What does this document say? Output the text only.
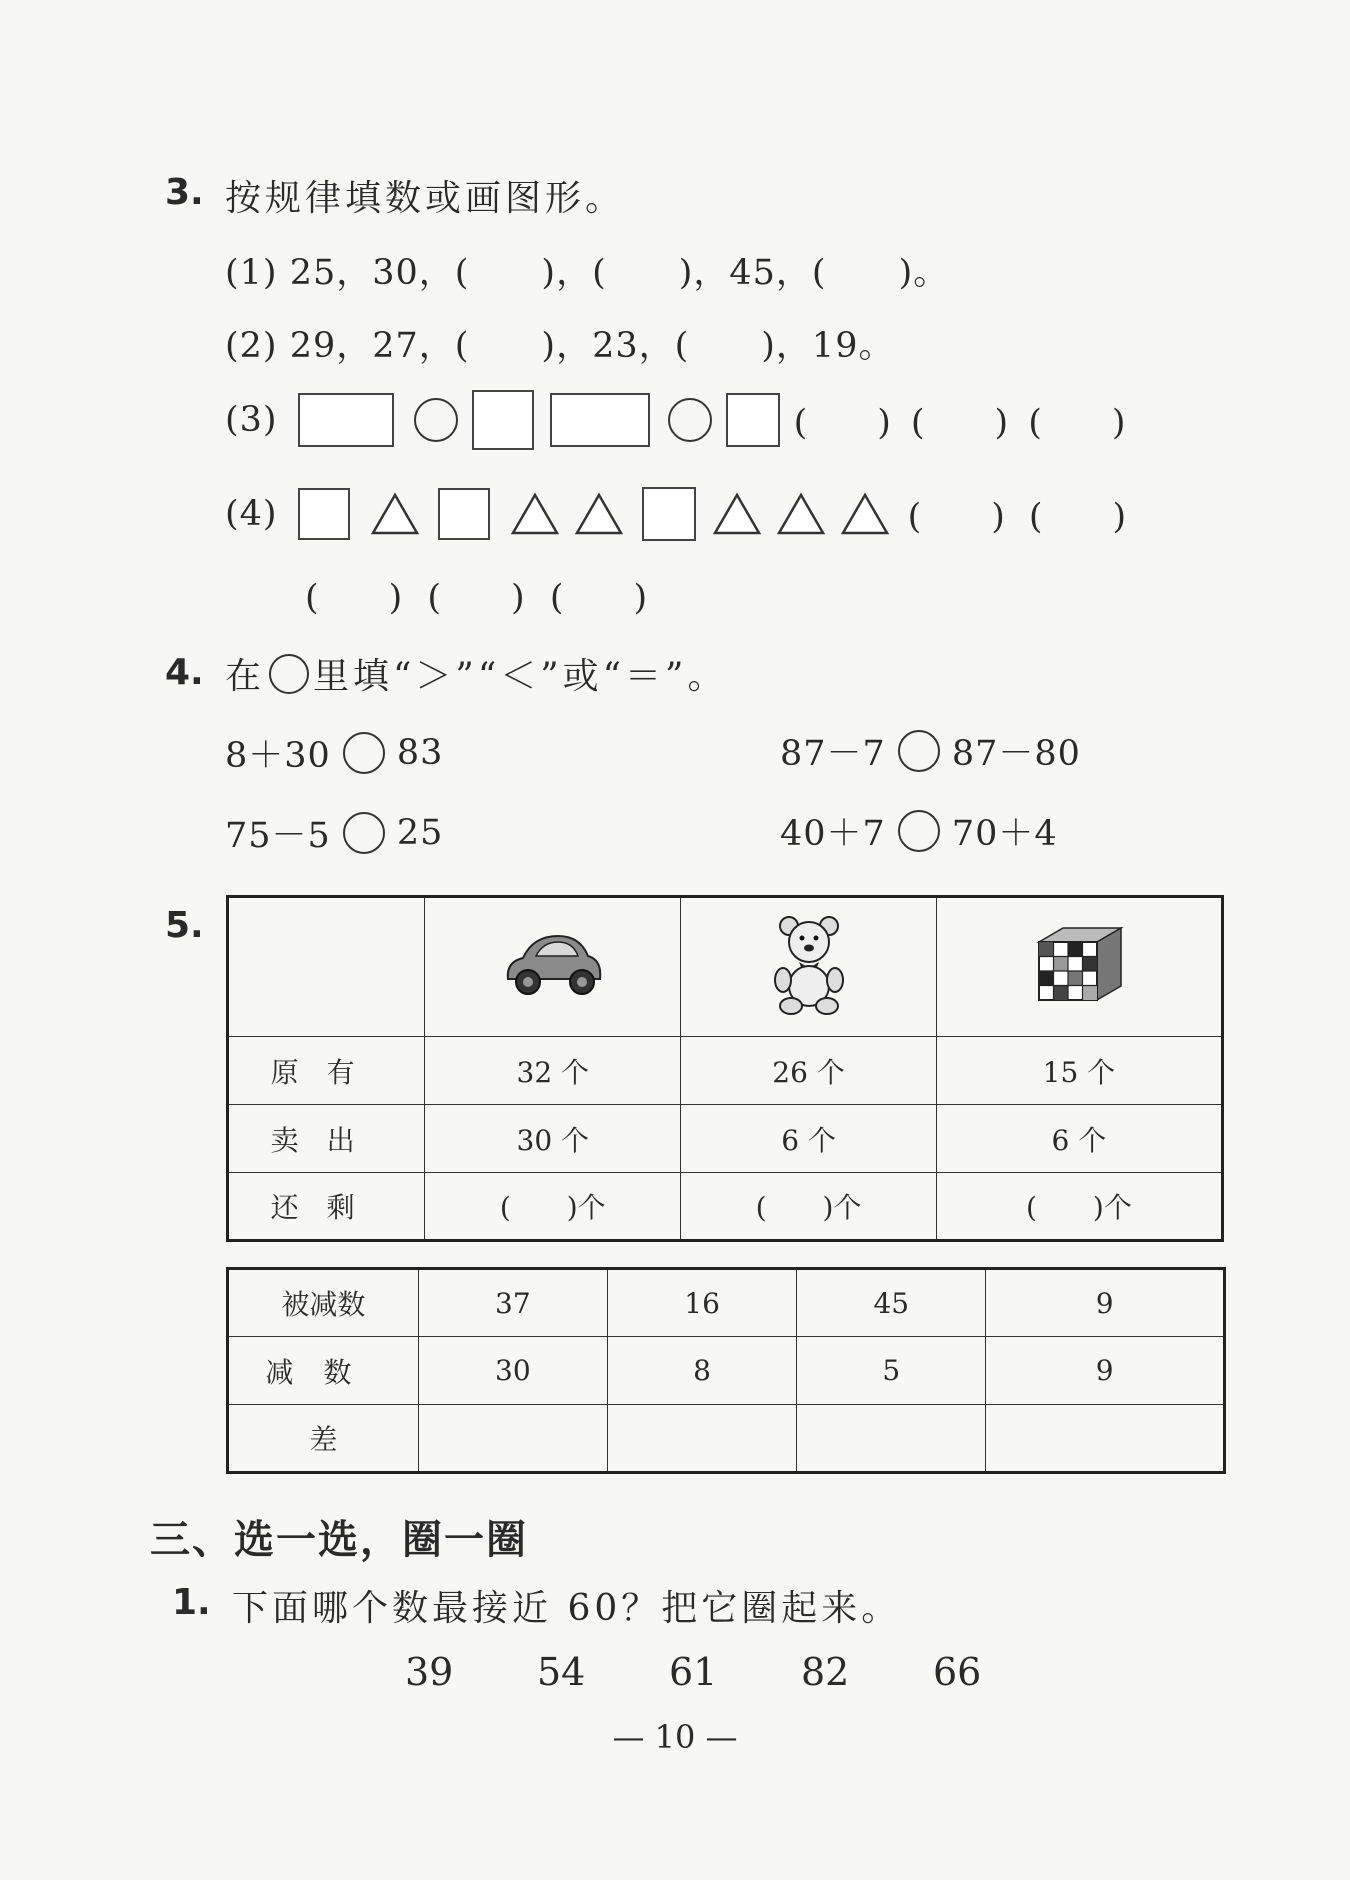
3. 按规律填数或画图形。
(1) 25，30，(　　)，(　　)，45，(　　)。
(2) 29，27，(　　)，23，(　　)，19。
(3)	(　　) (　　) (　　)
(4)	(　　) (　　)
(　　) (　　) (　　)
4. 在 里填“＞”“＜”或“＝”。
8＋30 83	87－7 87－80
75－5 25	40＋7 70＋4
5.

原有	32 个	26 个	15 个
卖出	30 个	6 个	6 个
还剩	(　　)个	(　　)个	(　　)个
被减数	37	16	45	9
减数	30	8	5	9
差				
三、选一选，圈一圈
1. 下面哪个数最接近 60？把它圈起来。
39	54	61	82	66
— 10 —
